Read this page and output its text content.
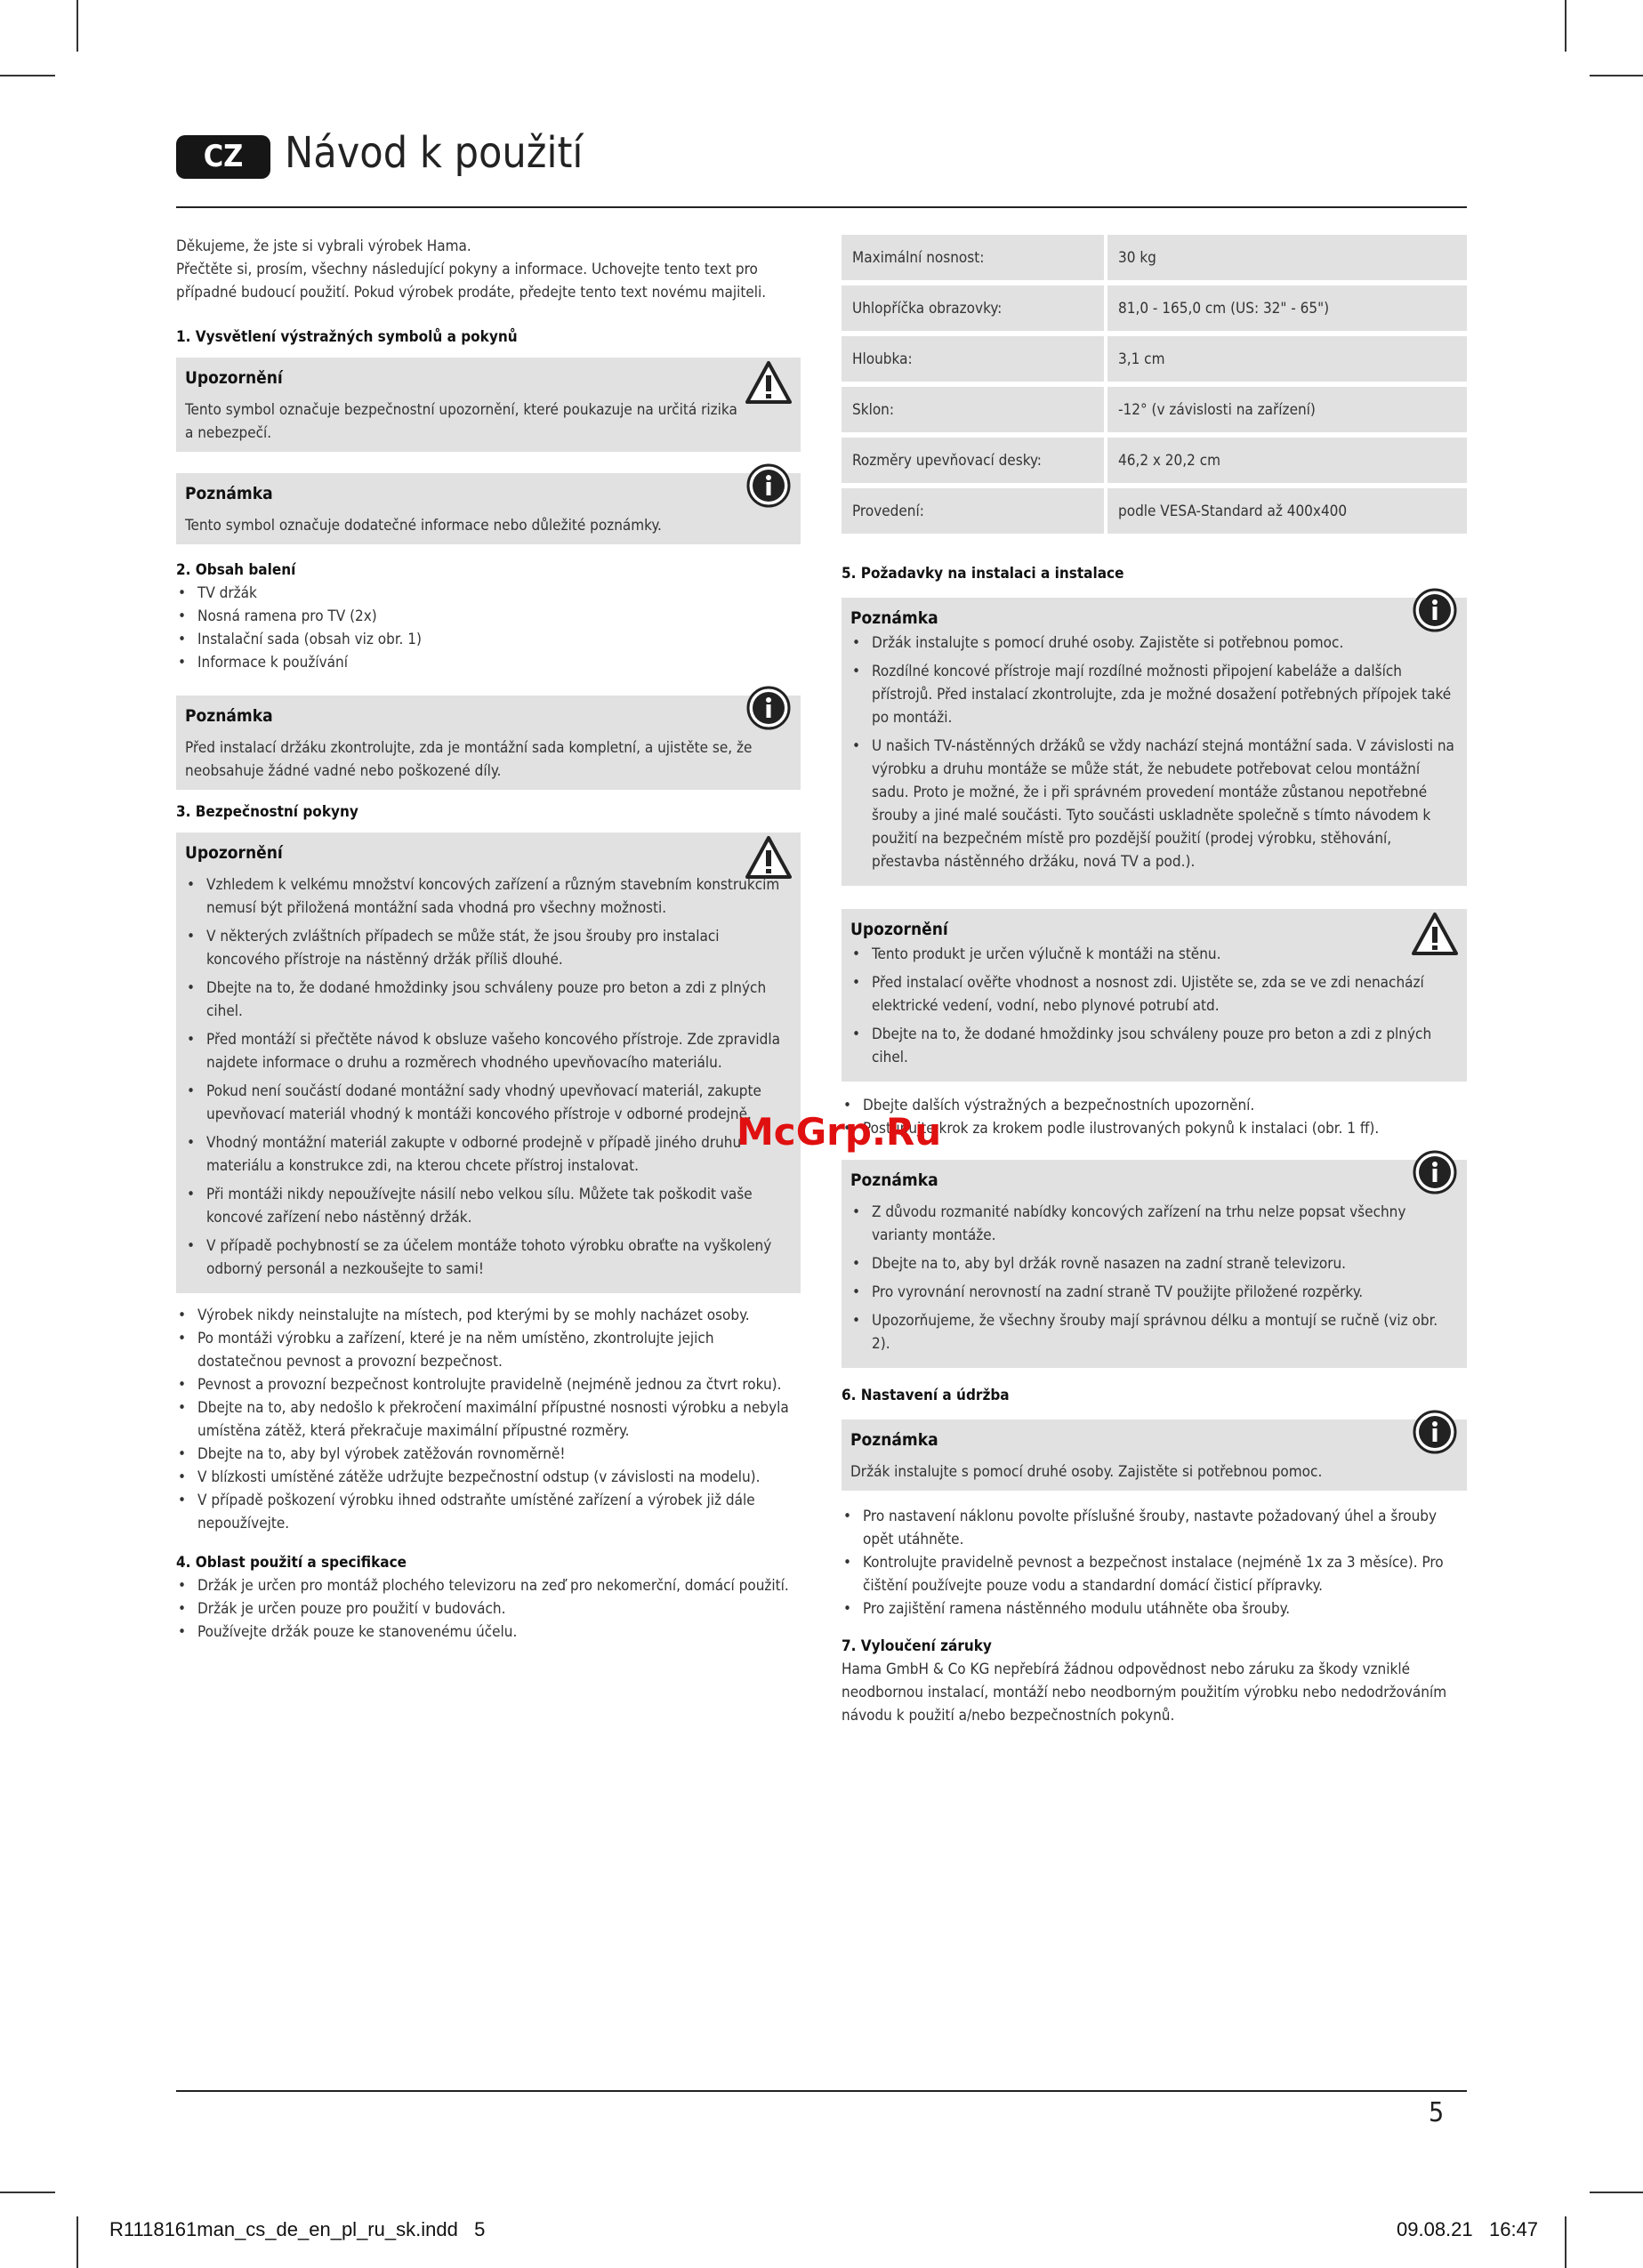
CZ Návod k použití

Děkujeme, že jste si vybrali výrobek Hama.

Přečtěte si, prosím, všechny následující pokyny a informace. Uchovejte tento text pro případné budoucí použití. Pokud výrobek prodáte, předejte tento text novému majiteli.

1. Vysvětlení výstražných symbolů a pokynů

Upozornění

Tento symbol označuje bezpečnostní upozornění, které poukazuje na určitá rizika a nebezpečí.

Poznámka

Tento symbol označuje dodatečné informace nebo důležité poznámky.

2. Obsah balení

• TV držák
• Nosná ramena pro TV (2x)
• Instalační sada (obsah viz obr. 1)
• Informace k používání

Poznámka

Před instalací držáku zkontrolujte, zda je montážní sada kompletní, a ujistěte se, že neobsahuje žádné vadné nebo poškozené díly.

3. Bezpečnostní pokyny

Upozornění

• Vzhledem k velkému množství koncových zařízení a různým stavebním konstrukcím nemusí být přiložená montážní sada vhodná pro všechny možnosti.
• V některých zvláštních případech se může stát, že jsou šrouby pro instalaci koncového přístroje na nástěnný držák příliš dlouhé.
• Dbejte na to, že dodané hmoždinky jsou schváleny pouze pro beton a zdi z plných cihel.
• Před montáží si přečtěte návod k obsluze vašeho koncového přístroje. Zde zpravidla najdete informace o druhu a rozměrech vhodného upevňovacího materiálu.
• Pokud není součástí dodané montážní sady vhodný upevňovací materiál, zakupte upevňovací materiál vhodný k montáži koncového přístroje v odborné prodejně.
• Vhodný montážní materiál zakupte v odborné prodejně v případě jiného druhu materiálu a konstrukce zdi, na kterou chcete přístroj instalovat.
• Při montáži nikdy nepoužívejte násilí nebo velkou sílu. Můžete tak poškodit vaše koncové zařízení nebo nástěnný držák.
• V případě pochybností se za účelem montáže tohoto výrobku obraťte na vyškolený odborný personál a nezkoušejte to sami!
• Výrobek nikdy neinstalujte na místech, pod kterými by se mohly nacházet osoby.
• Po montáži výrobku a zařízení, které je na něm umístěno, zkontrolujte jejich dostatečnou pevnost a provozní bezpečnost.
• Pevnost a provozní bezpečnost kontrolujte pravidelně (nejméně jednou za čtvrt roku).
• Dbejte na to, aby nedošlo k překročení maximální přípustné nosnosti výrobku a nebyla umístěna zátěž, která překračuje maximální přípustné rozměry.
• Dbejte na to, aby byl výrobek zatěžován rovnoměrně!
• V blízkosti umístěné zátěže udržujte bezpečnostní odstup (v závislosti na modelu).
• V případě poškození výrobku ihned odstraňte umístěné zařízení a výrobek již dále nepoužívejte.

4. Oblast použití a specifikace

• Držák je určen pro montáž plochého televizoru na zeď pro nekomerční, domácí použití.
• Držák je určen pouze pro použití v budovách.
• Používejte držák pouze ke stanovenému účelu.
Maximální nosnost:	30 kg
Uhlopříčka obrazovky:	81,0 - 165,0 cm (US: 32" - 65")
Hloubka:	3,1 cm
Sklon:	-12° (v závislosti na zařízení)
Rozměry upevňovací desky:	46,2 x 20,2 cm
Provedení:	podle VESA-Standard až 400x400

5. Požadavky na instalaci a instalace

Poznámka

• Držák instalujte s pomocí druhé osoby. Zajistěte si potřebnou pomoc.
• Rozdílné koncové přístroje mají rozdílné možnosti připojení kabeláže a dalších přístrojů. Před instalací zkontrolujte, zda je možné dosažení potřebných přípojek také po montáži.
• U našich TV-nástěnných držáků se vždy nachází stejná montážní sada. V závislosti na výrobku a druhu montáže se může stát, že nebudete potřebovat celou montážní sadu. Proto je možné, že i při správném provedení montáže zůstanou nepotřebné šrouby a jiné malé součásti. Tyto součásti uskladněte společně s tímto návodem k použití na bezpečném místě pro pozdější použití (prodej výrobku, stěhování, přestavba nástěnného držáku, nová TV a pod.).

Upozornění

• Tento produkt je určen výlučně k montáži na stěnu.
• Před instalací ověřte vhodnost a nosnost zdi. Ujistěte se, zda se ve zdi nenachází elektrické vedení, vodní, nebo plynové potrubí atd.
• Dbejte na to, že dodané hmoždinky jsou schváleny pouze pro beton a zdi z plných cihel.
• Dbejte dalších výstražných a bezpečnostních upozornění.
• Postupujte krok za krokem podle ilustrovaných pokynů k instalaci (obr. 1 ff).

Poznámka

• Z důvodu rozmanité nabídky koncových zařízení na trhu nelze popsat všechny varianty montáže.
• Dbejte na to, aby byl držák rovně nasazen na zadní straně televizoru.
• Pro vyrovnání nerovností na zadní straně TV použijte přiložené rozpěrky.
• Upozorňujeme, že všechny šrouby mají správnou délku a montují se ručně (viz obr. 2).

6. Nastavení a údržba

Poznámka

Držák instalujte s pomocí druhé osoby. Zajistěte si potřebnou pomoc.

• Pro nastavení náklonu povolte příslušné šrouby, nastavte požadovaný úhel a šrouby opět utáhněte.
• Kontrolujte pravidelně pevnost a bezpečnost instalace (nejméně 1x za 3 měsíce). Pro čištění používejte pouze vodu a standardní domácí čisticí přípravky.
• Pro zajištění ramena nástěnného modulu utáhněte oba šrouby.

7. Vyloučení záruky

Hama GmbH & Co KG nepřebírá žádnou odpovědnost nebo záruku za škody vzniklé neodbornou instalací, montáží nebo neodborným použitím výrobku nebo nedodržováním návodu k použití a/nebo bezpečnostních pokynů.

McGrp.Ru
5
R1118161man_cs_de_en_pl_ru_sk.indd   5	09.08.21   16:47
